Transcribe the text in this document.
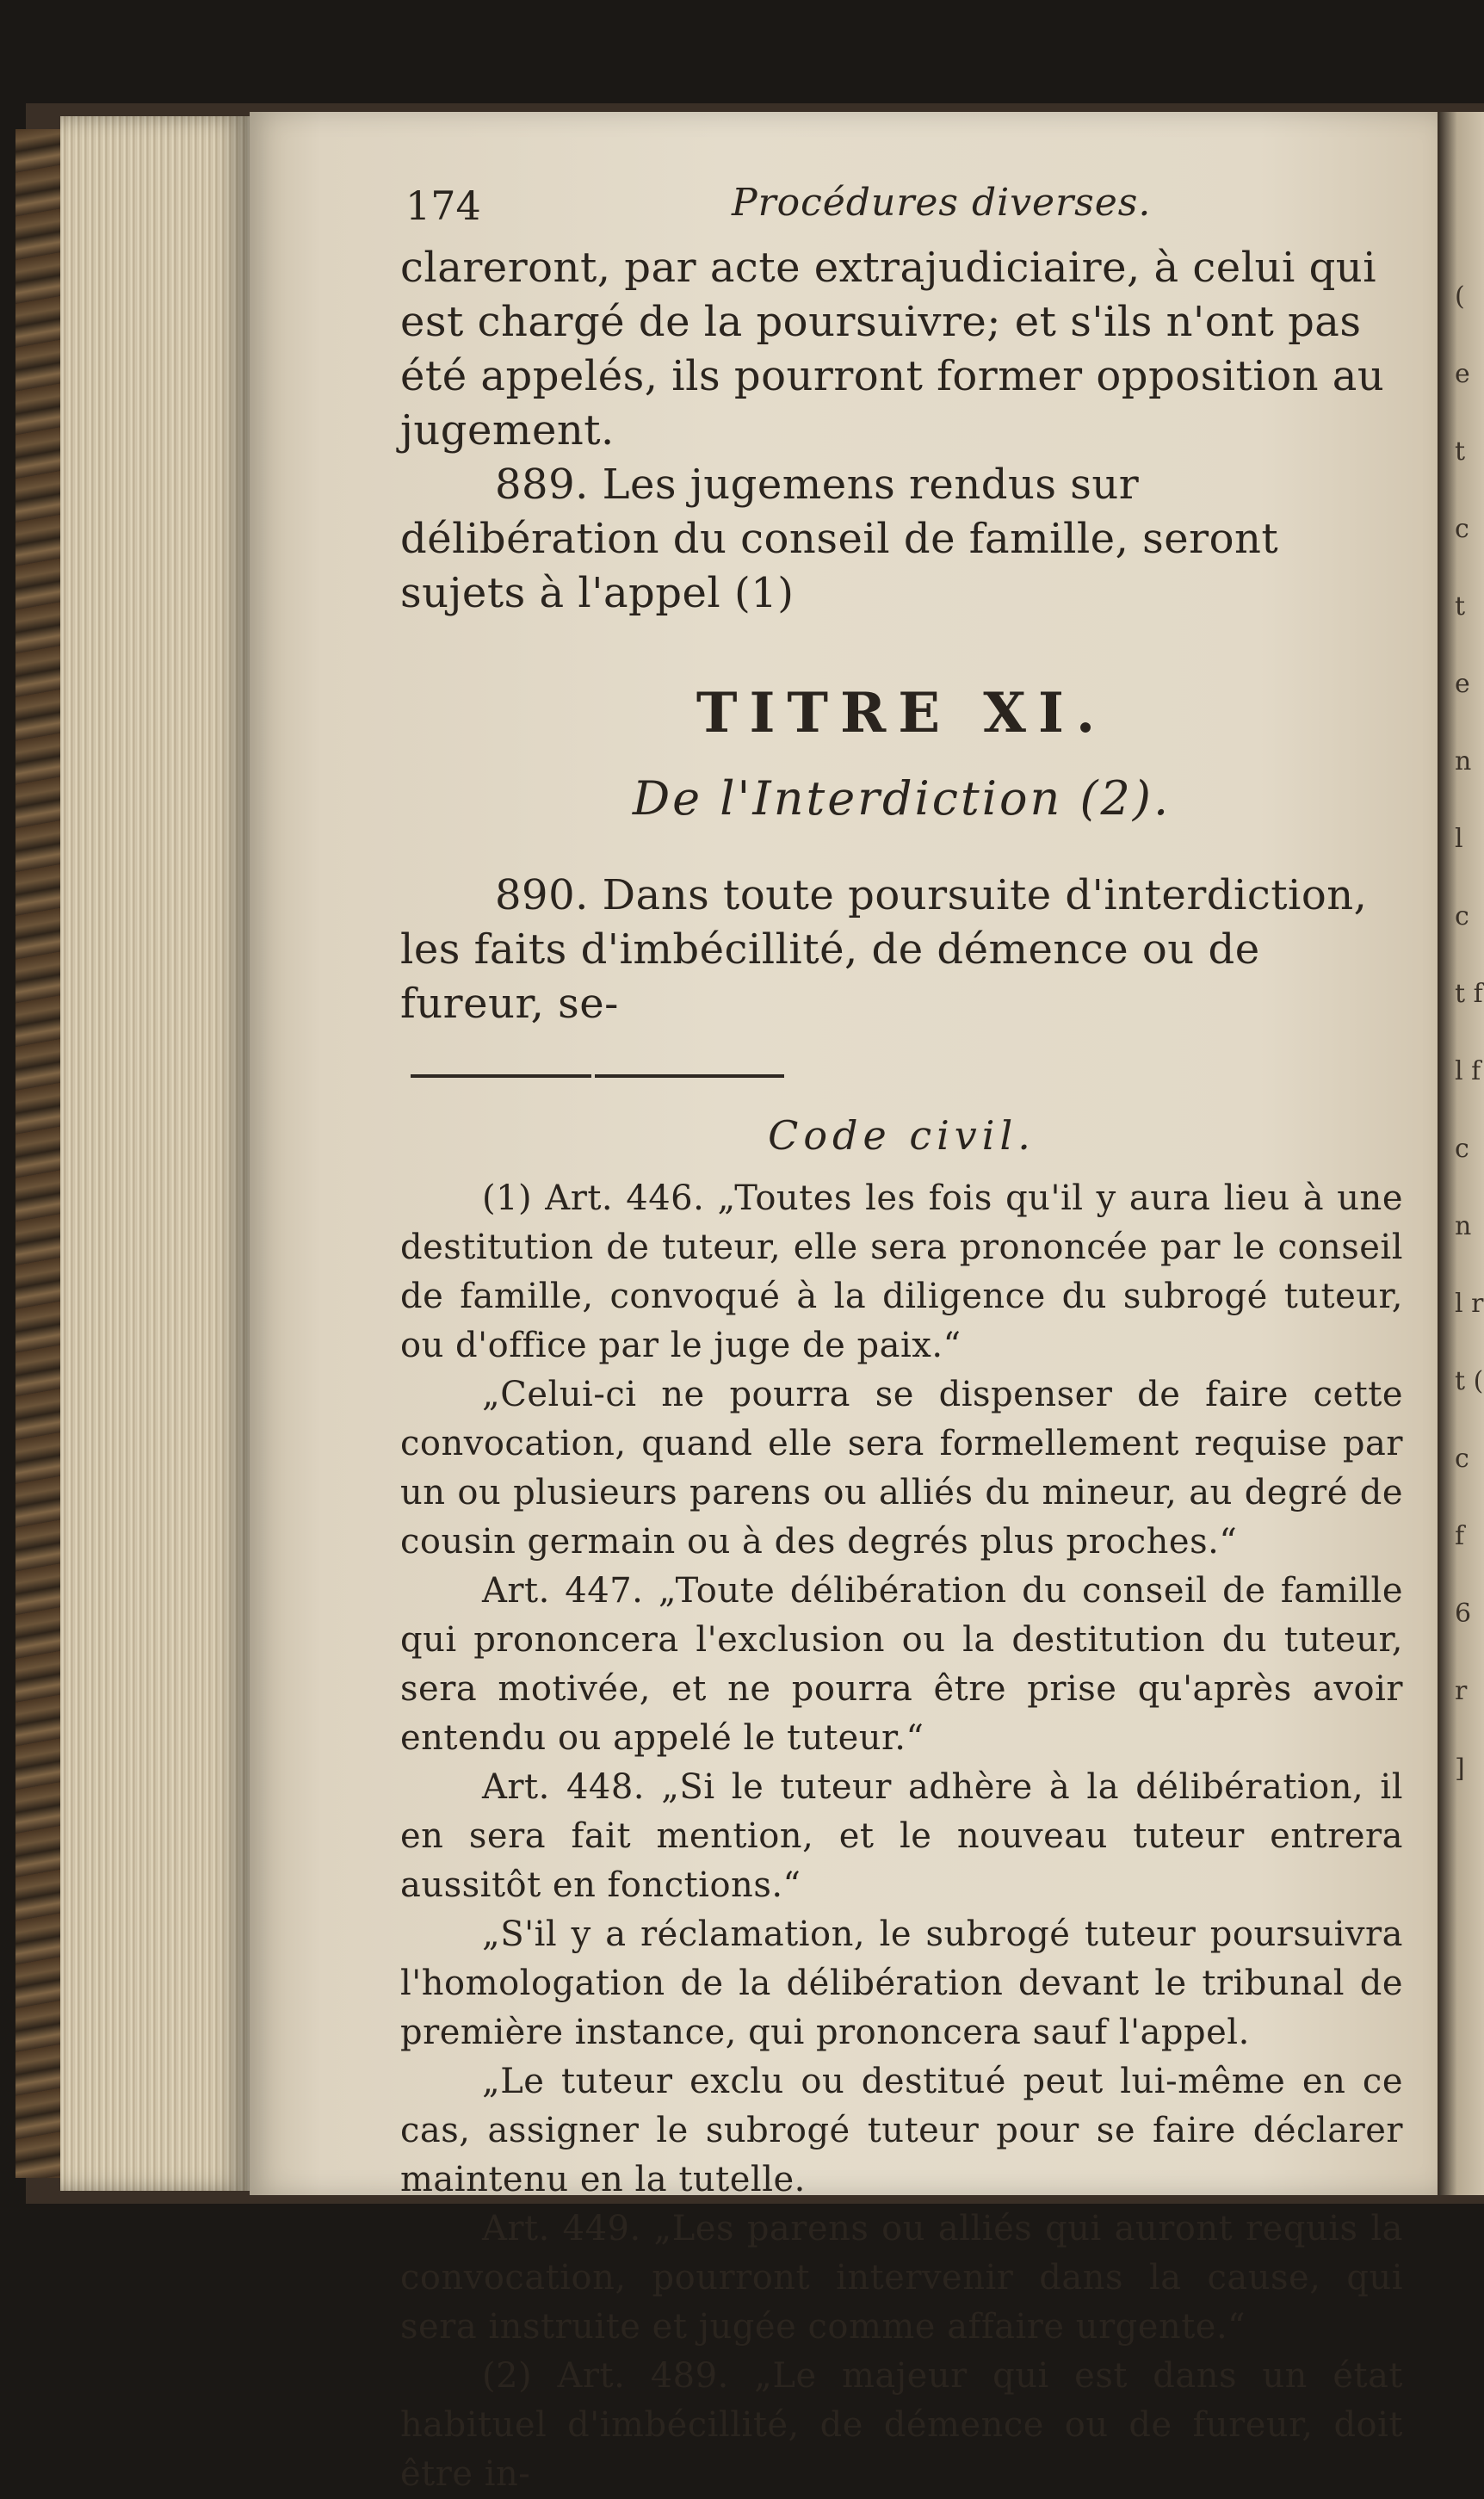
( e t c t e n l c t f l f c n l r t ( c f 6 r ]
174	Procédures diverses.

clareront, par acte extrajudiciaire, à celui qui est chargé de la poursuivre; et s'ils n'ont pas été appelés, ils pourront former opposition au jugement.

889. Les jugemens rendus sur délibération du conseil de famille, seront sujets à l'appel (1)

TITRE XI.
De l'Interdiction (2).

890. Dans toute poursuite d'interdiction, les faits d'imbécillité, de démence ou de fureur, se-

Code civil.

(1) Art. 446. „Toutes les fois qu'il y aura lieu à une destitution de tuteur, elle sera prononcée par le conseil de famille, convoqué à la diligence du subrogé tuteur, ou d'office par le juge de paix.“

„Celui-ci ne pourra se dispenser de faire cette convocation, quand elle sera formellement requise par un ou plusieurs parens ou alliés du mineur, au degré de cousin germain ou à des degrés plus proches.“

Art. 447. „Toute délibération du conseil de famille qui prononcera l'exclusion ou la destitution du tuteur, sera motivée, et ne pourra être prise qu'après avoir entendu ou appelé le tuteur.“

Art. 448. „Si le tuteur adhère à la délibération, il en sera fait mention, et le nouveau tuteur entrera aussitôt en fonctions.“

„S'il y a réclamation, le subrogé tuteur poursuivra l'homologation de la délibération devant le tribunal de première instance, qui prononcera sauf l'appel.

„Le tuteur exclu ou destitué peut lui-même en ce cas, assigner le subrogé tuteur pour se faire déclarer maintenu en la tutelle.

Art. 449. „Les parens ou alliés qui auront requis la convocation, pourront intervenir dans la cause, qui sera instruite et jugée comme affaire urgente.“

(2) Art. 489. „Le majeur qui est dans un état habituel d'imbécillité, de démence ou de fureur, doit être in-
